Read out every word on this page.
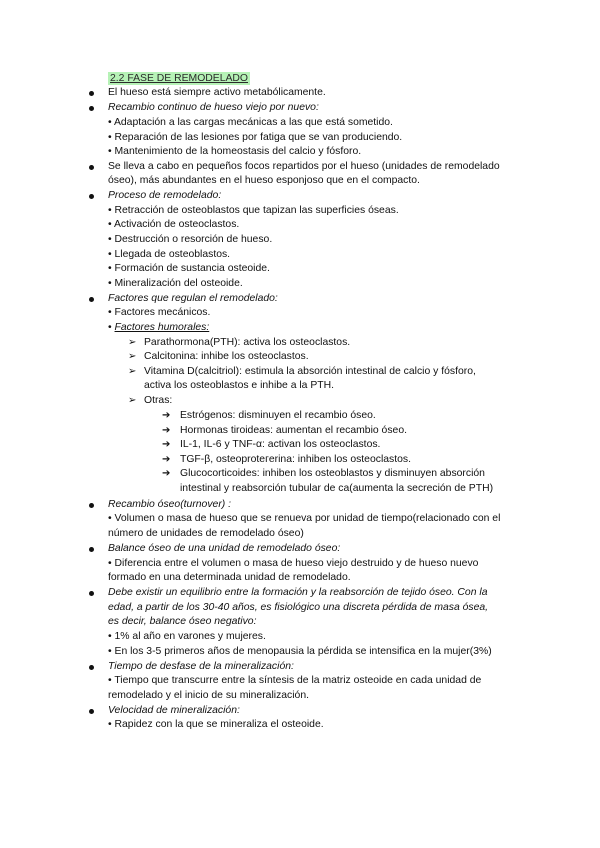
2.2 FASE DE REMODELADO
El hueso está siempre activo metabólicamente.
Recambio continuo de hueso viejo por nuevo:
• Adaptación a las cargas mecánicas a las que está sometido.
• Reparación de las lesiones por fatiga que se van produciendo.
• Mantenimiento de la homeostasis del calcio y fósforo.
Se lleva a cabo en pequeños focos repartidos por el hueso (unidades de remodelado
óseo), más abundantes en el hueso esponjoso que en el compacto.
Proceso de remodelado:
• Retracción de osteoblastos que tapizan las superficies óseas.
• Activación de osteoclastos.
• Destrucción o resorción de hueso.
• Llegada de osteoblastos.
• Formación de sustancia osteoide.
• Mineralización del osteoide.
Factores que regulan el remodelado:
• Factores mecánicos.
• Factores humorales:
➢ Parathormona(PTH): activa los osteoclastos.
➢ Calcitonina: inhibe los osteoclastos.
➢ Vitamina D(calcitriol): estimula la absorción intestinal de calcio y fósforo,
activa los osteoblastos e inhibe a la PTH.
➢ Otras:
➔ Estrógenos: disminuyen el recambio óseo.
➔ Hormonas tiroideas: aumentan el recambio óseo.
➔ IL-1, IL-6 y TNF-α: activan los osteoclastos.
➔ TGF-β, osteoproteгerina: inhiben los osteoclastos.
➔ Glucocorticoides: inhiben los osteoblastos y disminuyen absorción
intestinal y reabsorción tubular de ca(aumenta la secreción de PTH)
Recambio óseo(turnover) :
• Volumen o masa de hueso que se renueva por unidad de tiempo(relacionado con el
número de unidades de remodelado óseo)
Balance óseo de una unidad de remodelado óseo:
• Diferencia entre el volumen o masa de hueso viejo destruido y de hueso nuevo
formado en una determinada unidad de remodelado.
Debe existir un equilibrio entre la formación y la reabsorción de tejido óseo. Con la
edad, a partir de los 30-40 años, es fisiológico una discreta pérdida de masa ósea,
es decir, balance óseo negativo:
• 1% al año en varones y mujeres.
• En los 3-5 primeros años de menopausia la pérdida se intensifica en la mujer(3%)
Tiempo de desfase de la mineralización:
• Tiempo que transcurre entre la síntesis de la matriz osteoide en cada unidad de
remodelado y el inicio de su mineralización.
Velocidad de mineralización:
• Rapidez con la que se mineraliza el osteoide.
